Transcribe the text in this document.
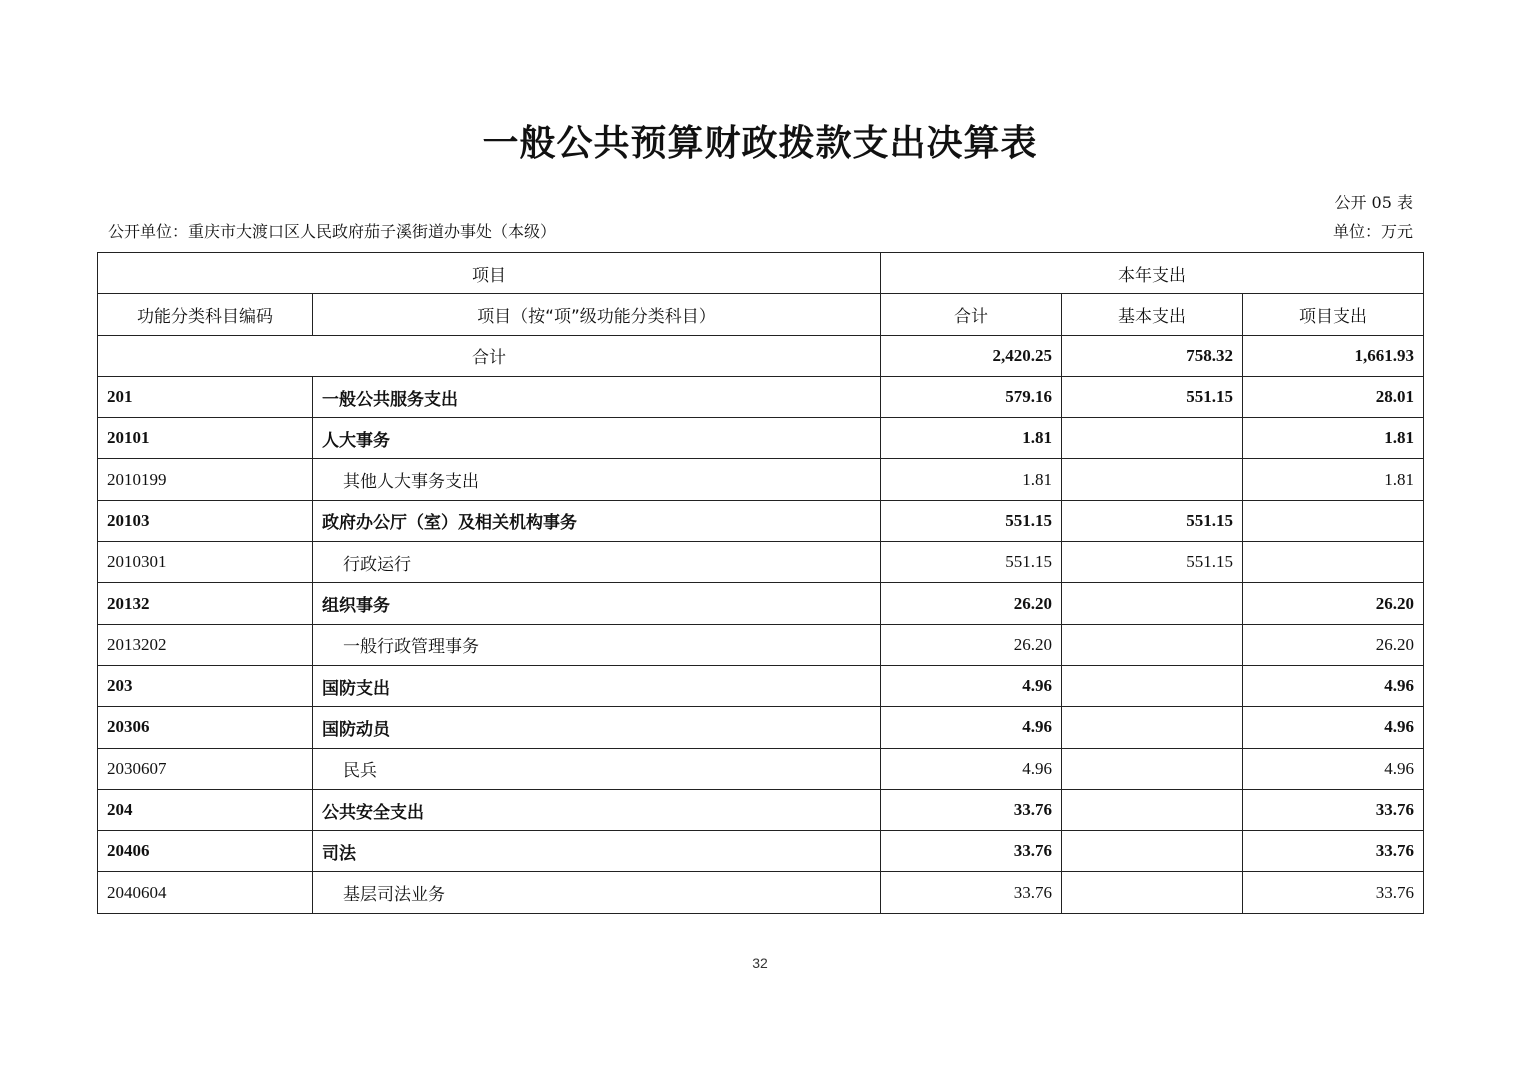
一般公共预算财政拨款支出决算表
公开 05 表
公开单位：重庆市大渡口区人民政府茄子溪街道办事处（本级）	单位：万元
项目		本年支出		
功能分类科目编码	项目（按“项”级功能分类科目）	合计	基本支出	项目支出
合计		2,420.25	758.32	1,661.93
201	一般公共服务支出	579.16	551.15	28.01
20101	人大事务	1.81		1.81
2010199	其他人大事务支出	1.81		1.81
20103	政府办公厅（室）及相关机构事务	551.15	551.15	
2010301	行政运行	551.15	551.15	
20132	组织事务	26.20		26.20
2013202	一般行政管理事务	26.20		26.20
203	国防支出	4.96		4.96
20306	国防动员	4.96		4.96
2030607	民兵	4.96		4.96
204	公共安全支出	33.76		33.76
20406	司法	33.76		33.76
2040604	基层司法业务	33.76		33.76
32
